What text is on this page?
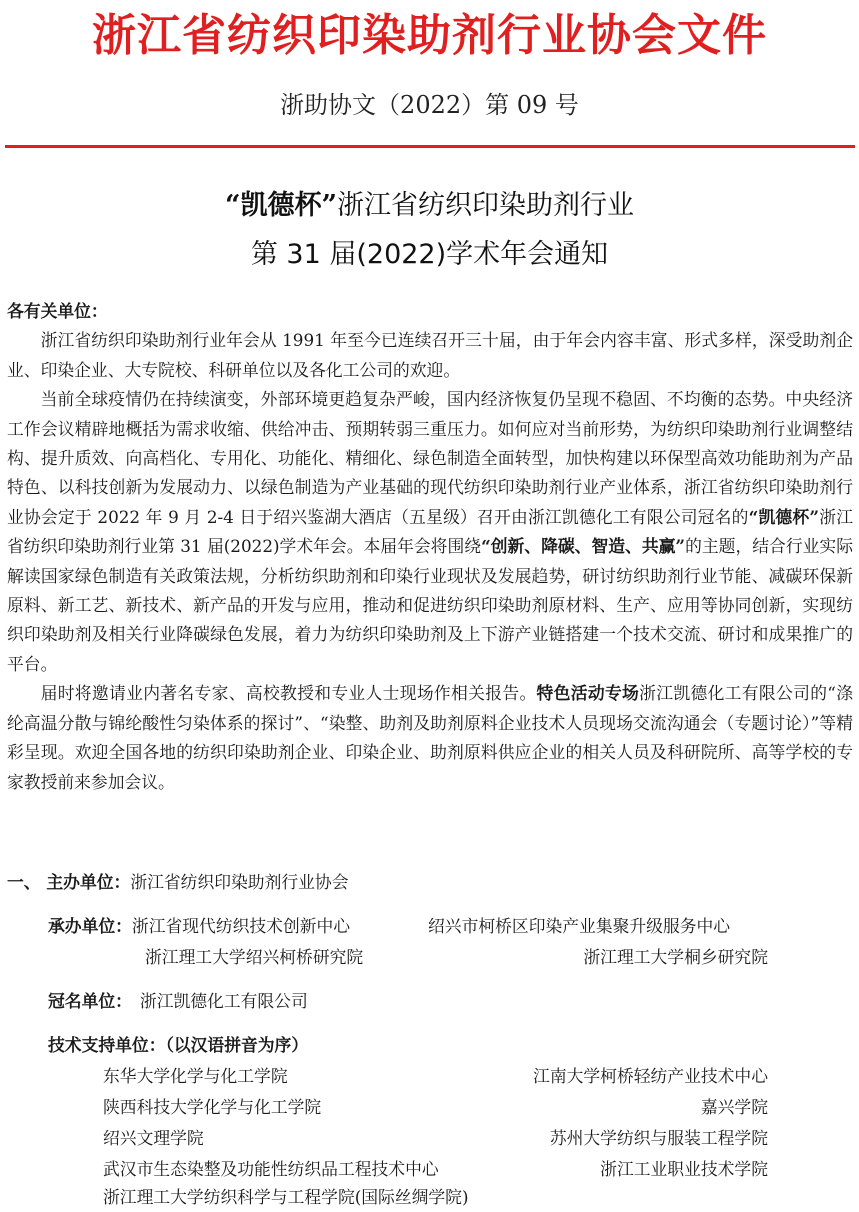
浙江省纺织印染助剂行业协会文件
浙助协文（2022）第 09 号
“凯德杯”浙江省纺织印染助剂行业
第 31 届(2022)学术年会通知

各有关单位：

浙江省纺织印染助剂行业年会从 1991 年至今已连续召开三十届，由于年会内容丰富、形式多样，深受助剂企业、印染企业、大专院校、科研单位以及各化工公司的欢迎。

当前全球疫情仍在持续演变，外部环境更趋复杂严峻，国内经济恢复仍呈现不稳固、不均衡的态势。中央经济工作会议精辟地概括为需求收缩、供给冲击、预期转弱三重压力。如何应对当前形势，为纺织印染助剂行业调整结构、提升质效、向高档化、专用化、功能化、精细化、绿色制造全面转型，加快构建以环保型高效功能助剂为产品特色、以科技创新为发展动力、以绿色制造为产业基础的现代纺织印染助剂行业产业体系，浙江省纺织印染助剂行业协会定于 2022 年 9 月 2-4 日于绍兴鉴湖大酒店（五星级）召开由浙江凯德化工有限公司冠名的“凯德杯”浙江省纺织印染助剂行业第 31 届(2022)学术年会。本届年会将围绕“创新、降碳、智造、共赢”的主题，结合行业实际解读国家绿色制造有关政策法规，分析纺织助剂和印染行业现状及发展趋势，研讨纺织助剂行业节能、减碳环保新原料、新工艺、新技术、新产品的开发与应用，推动和促进纺织印染助剂原材料、生产、应用等协同创新，实现纺织印染助剂及相关行业降碳绿色发展，着力为纺织印染助剂及上下游产业链搭建一个技术交流、研讨和成果推广的平台。

届时将邀请业内著名专家、高校教授和专业人士现场作相关报告。特色活动专场浙江凯德化工有限公司的“涤纶高温分散与锦纶酸性匀染体系的探讨”、“染整、助剂及助剂原料企业技术人员现场交流沟通会（专题讨论）”等精彩呈现。欢迎全国各地的纺织印染助剂企业、印染企业、助剂原料供应企业的相关人员及科研院所、高等学校的专家教授前来参加会议。

一、 主办单位：浙江省纺织印染助剂行业协会
承办单位：浙江省现代纺织技术创新中心	绍兴市柯桥区印染产业集聚升级服务中心
浙江理工大学绍兴柯桥研究院	浙江理工大学桐乡研究院
冠名单位： 浙江凯德化工有限公司
技术支持单位：（以汉语拼音为序）
东华大学化学与化工学院	江南大学柯桥轻纺产业技术中心
陕西科技大学化学与化工学院	嘉兴学院
绍兴文理学院	苏州大学纺织与服装工程学院
武汉市生态染整及功能性纺织品工程技术中心	浙江工业职业技术学院
浙江理工大学纺织科学与工程学院(国际丝绸学院)
